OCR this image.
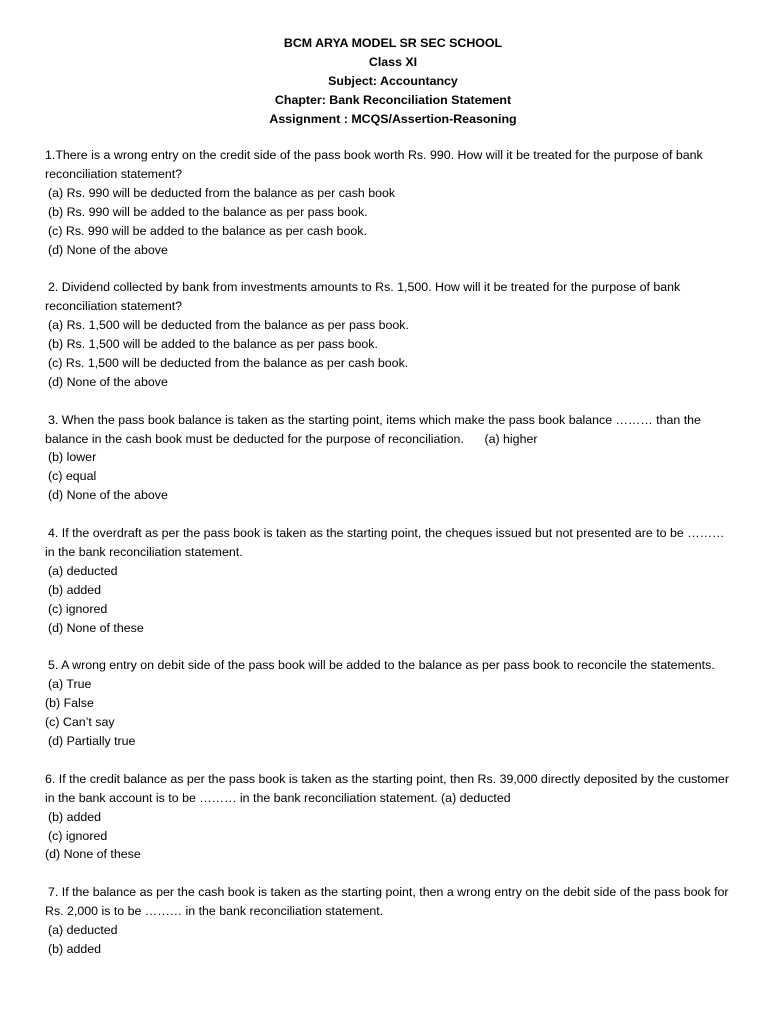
BCM ARYA MODEL SR SEC SCHOOL
Class XI
Subject: Accountancy
Chapter: Bank Reconciliation Statement
Assignment : MCQS/Assertion-Reasoning
1.There is a wrong entry on the credit side of the pass book worth Rs. 990. How will it be treated for the purpose of bank reconciliation statement?
(a) Rs. 990 will be deducted from the balance as per cash book
(b) Rs. 990 will be added to the balance as per pass book.
(c) Rs. 990 will be added to the balance as per cash book.
(d) None of the above
2. Dividend collected by bank from investments amounts to Rs. 1,500. How will it be treated for the purpose of bank reconciliation statement?
(a) Rs. 1,500 will be deducted from the balance as per pass book.
(b) Rs. 1,500 will be added to the balance as per pass book.
(c) Rs. 1,500 will be deducted from the balance as per cash book.
(d) None of the above
3. When the pass book balance is taken as the starting point, items which make the pass book balance ……… than the balance in the cash book must be deducted for the purpose of reconciliation. (a) higher
(b) lower
(c) equal
(d) None of the above
4. If the overdraft as per the pass book is taken as the starting point, the cheques issued but not presented are to be ……… in the bank reconciliation statement.
(a) deducted
(b) added
(c) ignored
(d) None of these
5. A wrong entry on debit side of the pass book will be added to the balance as per pass book to reconcile the statements.
(a) True
(b) False
(c) Can’t say
(d) Partially true
6. If the credit balance as per the pass book is taken as the starting point, then Rs. 39,000 directly deposited by the customer in the bank account is to be ……… in the bank reconciliation statement. (a) deducted
(b) added
(c) ignored
(d) None of these
7. If the balance as per the cash book is taken as the starting point, then a wrong entry on the debit side of the pass book for Rs. 2,000 is to be ……… in the bank reconciliation statement.
(a) deducted
(b) added
